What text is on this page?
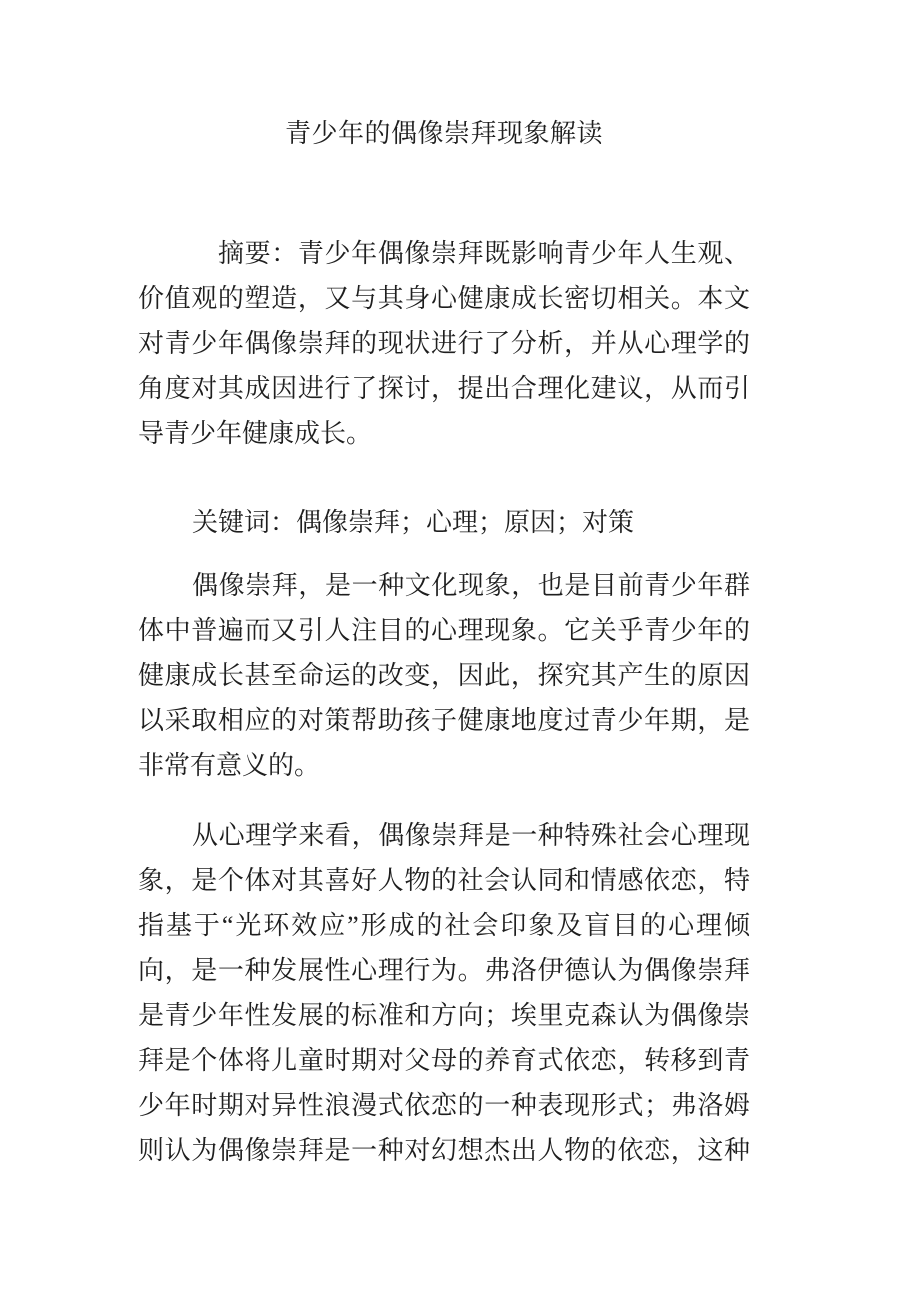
青少年的偶像崇拜现象解读
摘要：青少年偶像崇拜既影响青少年人生观、
价值观的塑造，又与其身心健康成长密切相关。本文
对青少年偶像崇拜的现状进行了分析，并从心理学的
角度对其成因进行了探讨，提出合理化建议，从而引
导青少年健康成长。
关键词：偶像崇拜；心理；原因；对策
偶像崇拜，是一种文化现象，也是目前青少年群
体中普遍而又引人注目的心理现象。它关乎青少年的
健康成长甚至命运的改变，因此，探究其产生的原因
以采取相应的对策帮助孩子健康地度过青少年期，是
非常有意义的。
从心理学来看，偶像崇拜是一种特殊社会心理现
象，是个体对其喜好人物的社会认同和情感依恋，特
指基于“光环效应”形成的社会印象及盲目的心理倾
向，是一种发展性心理行为。弗洛伊德认为偶像崇拜
是青少年性发展的标准和方向；埃里克森认为偶像崇
拜是个体将儿童时期对父母的养育式依恋，转移到青
少年时期对异性浪漫式依恋的一种表现形式；弗洛姆
则认为偶像崇拜是一种对幻想杰出人物的依恋，这种
